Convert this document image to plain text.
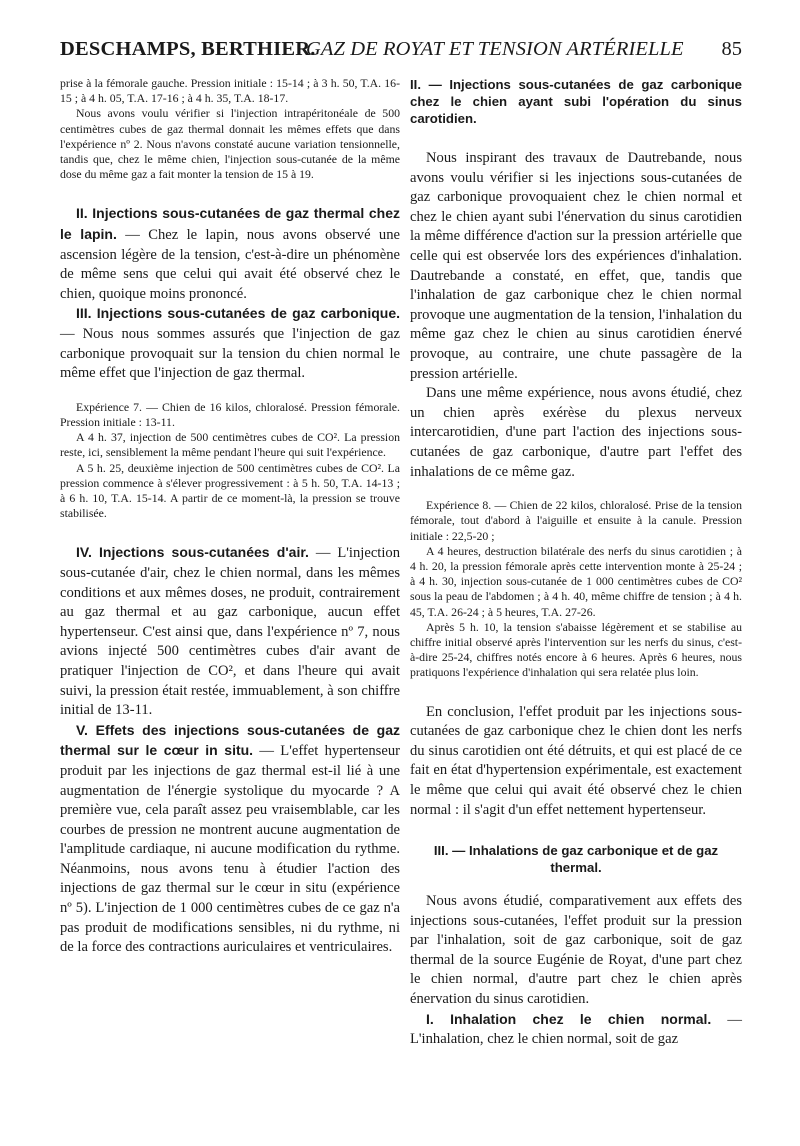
DESCHAMPS, BERTHIER.
GAZ DE ROYAT ET TENSION ARTÉRIELLE 85

prise à la fémorale gauche. Pression initiale : 15-14 ; à 3 h. 50, T.A. 16-15 ; à 4 h. 05, T.A. 17-16 ; à 4 h. 35, T.A. 18-17.

Nous avons voulu vérifier si l'injection intrapéritonéale de 500 centimètres cubes de gaz thermal donnait les mêmes effets que dans l'expérience nº 2. Nous n'avons constaté aucune variation tensionnelle, tandis que, chez le même chien, l'injection sous-cutanée de la même dose du même gaz a fait monter la tension de 15 à 19.

II. Injections sous-cutanées de gaz thermal chez le lapin. — Chez le lapin, nous avons observé une ascension légère de la tension, c'est-à-dire un phénomène de même sens que celui qui avait été observé chez le chien, quoique moins prononcé.

III. Injections sous-cutanées de gaz carbonique. — Nous nous sommes assurés que l'injection de gaz carbonique provoquait sur la tension du chien normal le même effet que l'injection de gaz thermal.

Expérience 7. — Chien de 16 kilos, chloralosé. Pression fémorale. Pression initiale : 13-11.

A 4 h. 37, injection de 500 centimètres cubes de CO². La pression reste, ici, sensiblement la même pendant l'heure qui suit l'expérience.

A 5 h. 25, deuxième injection de 500 centimètres cubes de CO². La pression commence à s'élever progressivement : à 5 h. 50, T.A. 14-13 ; à 6 h. 10, T.A. 15-14. A partir de ce moment-là, la pression se trouve stabilisée.

IV. Injections sous-cutanées d'air. — L'injection sous-cutanée d'air, chez le chien normal, dans les mêmes conditions et aux mêmes doses, ne produit, contrairement au gaz thermal et au gaz carbonique, aucun effet hypertenseur. C'est ainsi que, dans l'expérience nº 7, nous avions injecté 500 centimètres cubes d'air avant de pratiquer l'injection de CO², et dans l'heure qui avait suivi, la pression était restée, immuablement, à son chiffre initial de 13-11.

V. Effets des injections sous-cutanées de gaz thermal sur le cœur in situ. — L'effet hypertenseur produit par les injections de gaz thermal est-il lié à une augmentation de l'énergie systolique du myocarde ? A première vue, cela paraît assez peu vraisemblable, car les courbes de pression ne montrent aucune augmentation de l'amplitude cardiaque, ni aucune modification du rythme. Néanmoins, nous avons tenu à étudier l'action des injections de gaz thermal sur le cœur in situ (expérience nº 5). L'injection de 1 000 centimètres cubes de ce gaz n'a pas produit de modifications sensibles, ni du rythme, ni de la force des contractions auriculaires et ventriculaires.

II. — Injections sous-cutanées de gaz carbonique chez le chien ayant subi l'opération du sinus carotidien.

Nous inspirant des travaux de Dautrebande, nous avons voulu vérifier si les injections sous-cutanées de gaz carbonique provoquaient chez le chien normal et chez le chien ayant subi l'énervation du sinus carotidien la même différence d'action sur la pression artérielle que celle qui est observée lors des expériences d'inhalation. Dautrebande a constaté, en effet, que, tandis que l'inhalation de gaz carbonique chez le chien normal provoque une augmentation de la tension, l'inhalation du même gaz chez le chien au sinus carotidien énervé provoque, au contraire, une chute passagère de la pression artérielle.

Dans une même expérience, nous avons étudié, chez un chien après exérèse du plexus nerveux intercarotidien, d'une part l'action des injections sous-cutanées de gaz carbonique, d'autre part l'effet des inhalations de ce même gaz.

Expérience 8. — Chien de 22 kilos, chloralosé. Prise de la tension fémorale, tout d'abord à l'aiguille et ensuite à la canule. Pression initiale : 22,5-20 ;

A 4 heures, destruction bilatérale des nerfs du sinus carotidien ; à 4 h. 20, la pression fémorale après cette intervention monte à 25-24 ; à 4 h. 30, injection sous-cutanée de 1 000 centimètres cubes de CO² sous la peau de l'abdomen ; à 4 h. 40, même chiffre de tension ; à 4 h. 45, T.A. 26-24 ; à 5 heures, T.A. 27-26.

Après 5 h. 10, la tension s'abaisse légèrement et se stabilise au chiffre initial observé après l'intervention sur les nerfs du sinus, c'est-à-dire 25-24, chiffres notés encore à 6 heures. Après 6 heures, nous pratiquons l'expérience d'inhalation qui sera relatée plus loin.

En conclusion, l'effet produit par les injections sous-cutanées de gaz carbonique chez le chien dont les nerfs du sinus carotidien ont été détruits, et qui est placé de ce fait en état d'hypertension expérimentale, est exactement le même que celui qui avait été observé chez le chien normal : il s'agit d'un effet nettement hypertenseur.

III. — Inhalations de gaz carbonique et de gaz thermal.

Nous avons étudié, comparativement aux effets des injections sous-cutanées, l'effet produit sur la pression par l'inhalation, soit de gaz carbonique, soit de gaz thermal de la source Eugénie de Royat, d'une part chez le chien normal, d'autre part chez le chien après énervation du sinus carotidien.

I. Inhalation chez le chien normal. — L'inhalation, chez le chien normal, soit de gaz
